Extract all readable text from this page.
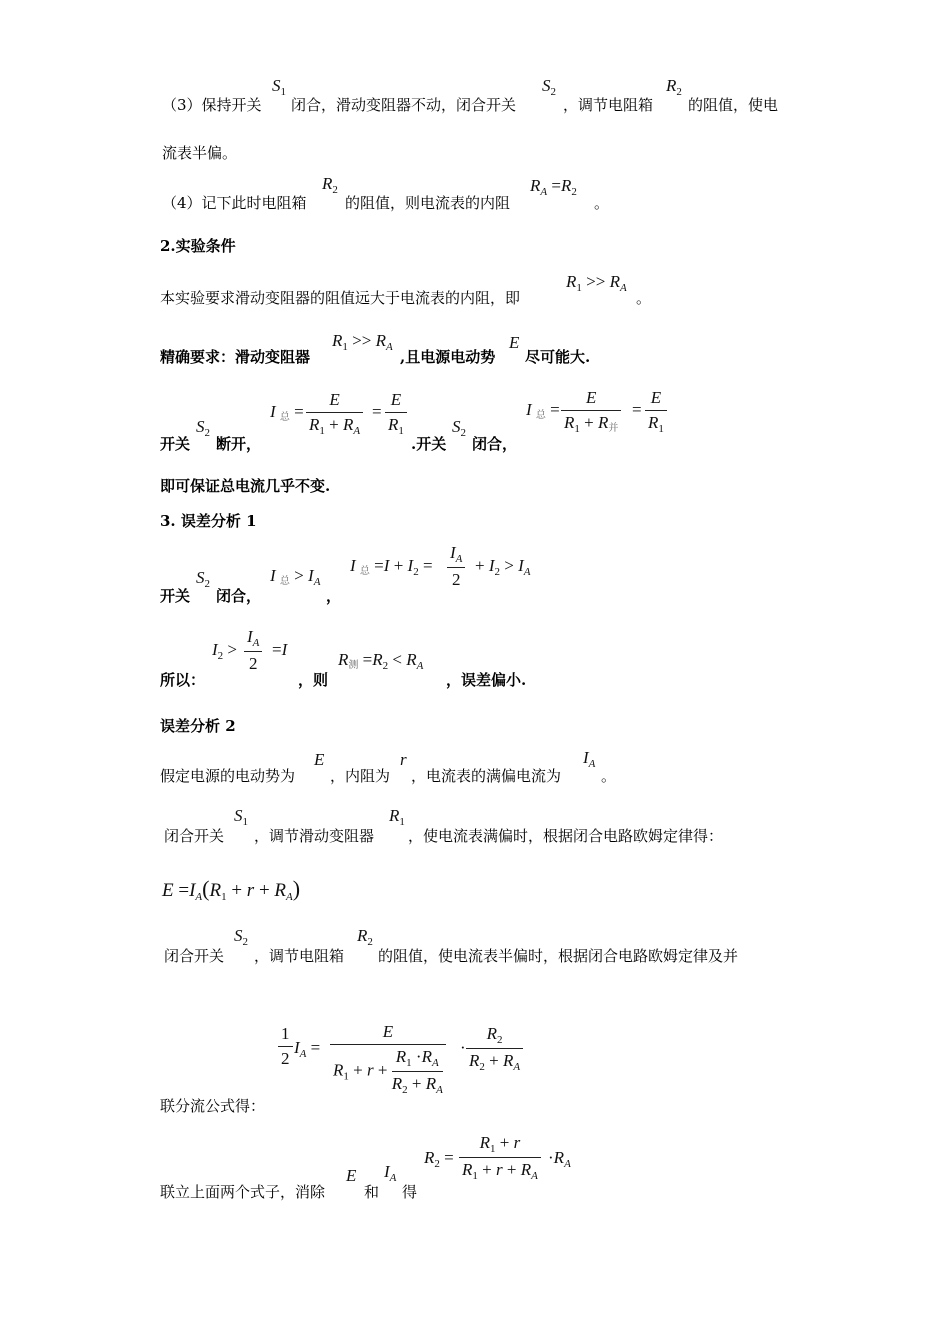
（3）保持开关
$S_1$
闭合，滑动变阻器不动，闭合开关
$S_2$
，调节电阻箱
$R_2$
的阻值，使电
流表半偏。
（4）记下此时电阻箱
$R_2$
的阻值，则电流表的内阻
$R_A =R_2$
。
2.实验条件
本实验要求滑动变阻器的阻值远大于电流表的内阻，即
$R_1 >> R_A$
。
精确要求：滑动变阻器
$R_1 >> R_A$
,且电源电动势
E
尽可能大.
开关
$S_2$
断开，
I 总 =
E
$R_1 + R_A$
=
E
$R_1$
.开关
$S_2$
闭合，
I 总 =
E
$R_1 + R$并
=
E
$R_1$
即可保证总电流几乎不变.
3. 误差分析 1
开关
$S_2$
闭合，
I 总 > $I_A$
，
I 总 $=I + I_2$ =
$I_A$
2
+ $I_2 > I_A$
所以：
$I_2$ >
$I_A$
2
=I
，则
R测 $=R_2 < R_A$
，误差偏小.
误差分析 2
假定电源的电动势为
E
，内阻为
r
，电流表的满偏电流为
$I_A$
。
闭合开关
$S_1$
，调节滑动变阻器
$R_1$
，使电流表满偏时，根据闭合电路欧姆定律得：
$E =I_A(R_1 + r + R_A)$
闭合开关
$S_2$
，调节电阻箱
$R_2$
的阻值，使电流表半偏时，根据闭合电路欧姆定律及并
1
2
$I_A$ =
E
$R_1 + r + \frac{R_1 \cdot R_A}{R_2 + R_A}$ ·
$R_2$
$R_2 + R_A$
联分流公式得：
联立上面两个式子，消除
E
和
$I_A$
得
$R_2$ =
$R_1 + r$
$R_1 + r + R_A$
$\cdot R_A$
